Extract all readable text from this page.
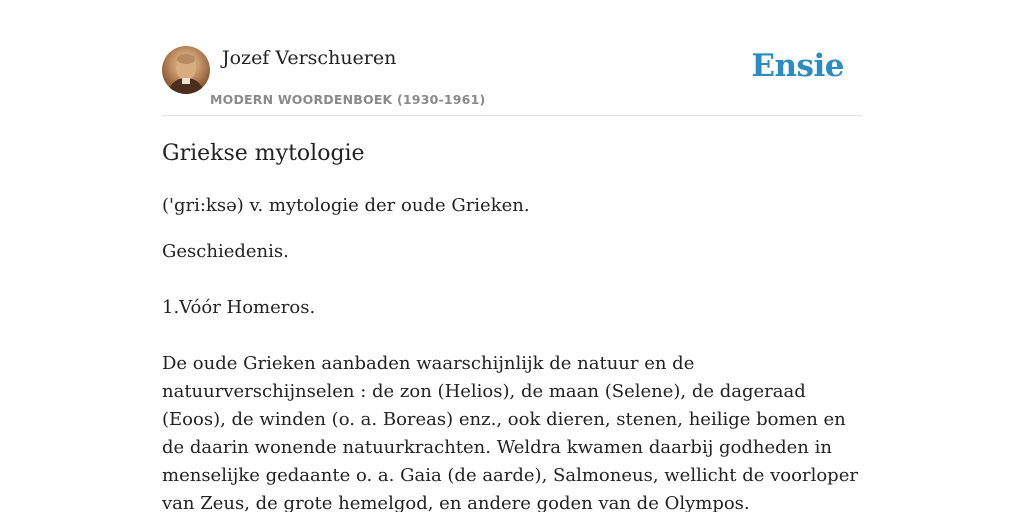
Jozef Verschueren
MODERN WOORDENBOEK (1930-1961)
Ensie
Griekse mytologie

('gri:ksə) v. mytologie der oude Grieken.

Geschiedenis.

1.Vóór Homeros.

De oude Grieken aanbaden waarschijnlijk de natuur en de natuurverschijnselen : de zon (Helios), de maan (Selene), de dageraad (Eoos), de winden (o. a. Boreas) enz., ook dieren, stenen, heilige bomen en de daarin wonende natuurkrachten. Weldra kwamen daarbij godheden in menselijke gedaante o. a. Gaia (de aarde), Salmoneus, wellicht de voorloper van Zeus, de grote hemelgod, en andere goden van de Olympos.
